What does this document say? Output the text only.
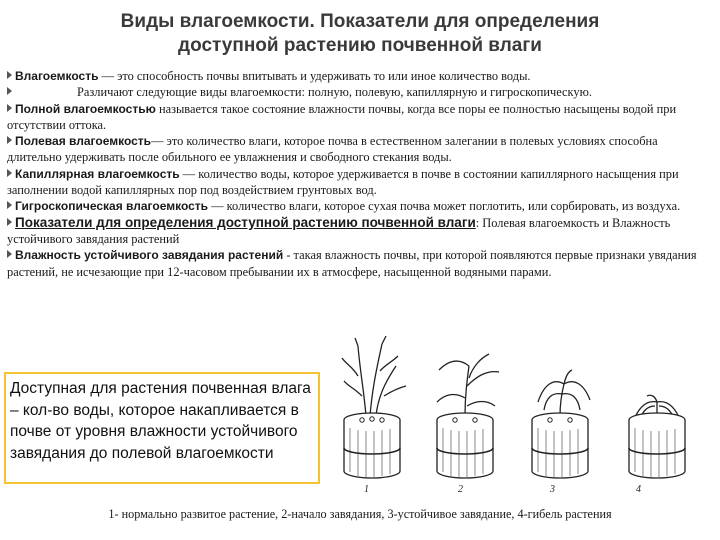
Виды влагоемкости. Показатели для определения
доступной растению почвенной влаги

Влагоемкость — это способность почвы впитывать и удерживать то или иное количество воды.

Различают следующие виды влагоемкости: полную, полевую, капиллярную и гигроскопическую.

Полной влагоемкостью называется такое состояние влажности почвы, когда все поры ее полностью насыщены водой при отсутствии оттока.

Полевая влагоемкость— это количество влаги, которое почва в естественном залегании в полевых условиях способна длительно удерживать после обильного ее увлажнения и свободного стекания воды.

Капиллярная влагоемкость — количество воды, которое удерживается в почве в состоянии капиллярного насыщения при заполнении водой капиллярных пор под воздействием грунтовых вод.

Гигроскопическая влагоемкость — количество влаги, которое сухая почва может поглотить, или сорбировать, из воздуха.

Показатели для определения доступной растению почвенной влаги: Полевая влагоемкость и Влажность устойчивого завядания растений

Влажность устойчивого завядания растений - такая влажность почвы, при которой появляются первые признаки увядания растений, не исчезающие при 12-часовом пребывании их в атмосфере, насыщенной водяными парами.

Доступная для растения почвенная влага – кол-во воды, которое накапливается в почве от уровня влажности устойчивого завядания до полевой влагоемкости
1	2	3	4
1- нормально развитое растение, 2-начало завядания, 3-устойчивое завядание, 4-гибель растения
